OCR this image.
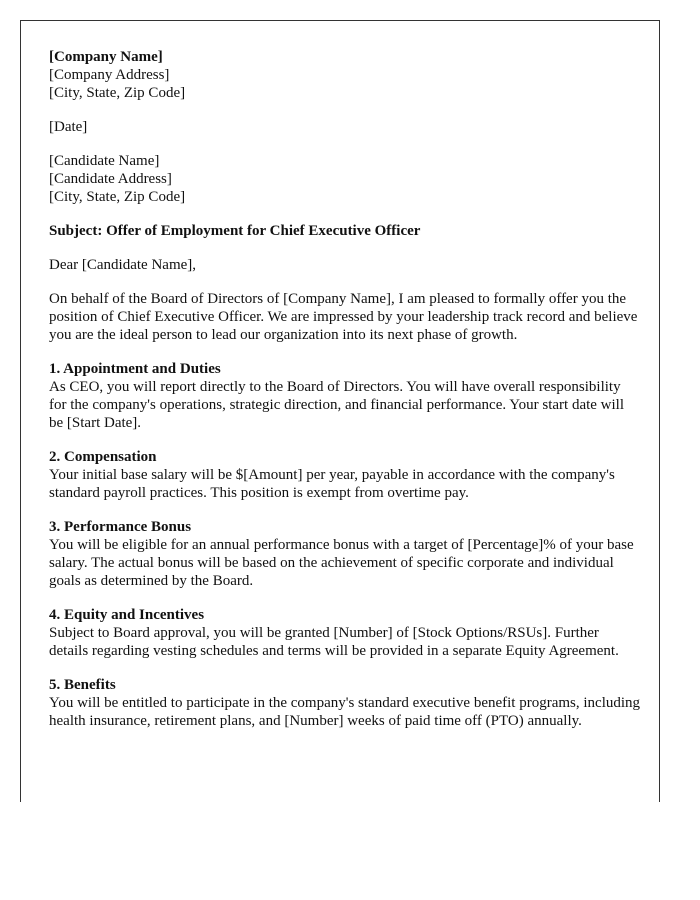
[Company Name]
[Company Address]
[City, State, Zip Code]
[Date]
[Candidate Name]
[Candidate Address]
[City, State, Zip Code]
Subject: Offer of Employment for Chief Executive Officer
Dear [Candidate Name],

On behalf of the Board of Directors of [Company Name], I am pleased to formally offer you the position of Chief Executive Officer. We are impressed by your leadership track record and believe you are the ideal person to lead our organization into its next phase of growth.

1. Appointment and Duties

As CEO, you will report directly to the Board of Directors. You will have overall responsibility for the company's operations, strategic direction, and financial performance. Your start date will be [Start Date].

2. Compensation

Your initial base salary will be $[Amount] per year, payable in accordance with the company's standard payroll practices. This position is exempt from overtime pay.

3. Performance Bonus

You will be eligible for an annual performance bonus with a target of [Percentage]% of your base salary. The actual bonus will be based on the achievement of specific corporate and individual goals as determined by the Board.

4. Equity and Incentives

Subject to Board approval, you will be granted [Number] of [Stock Options/RSUs]. Further details regarding vesting schedules and terms will be provided in a separate Equity Agreement.

5. Benefits

You will be entitled to participate in the company's standard executive benefit programs, including health insurance, retirement plans, and [Number] weeks of paid time off (PTO) annually.
